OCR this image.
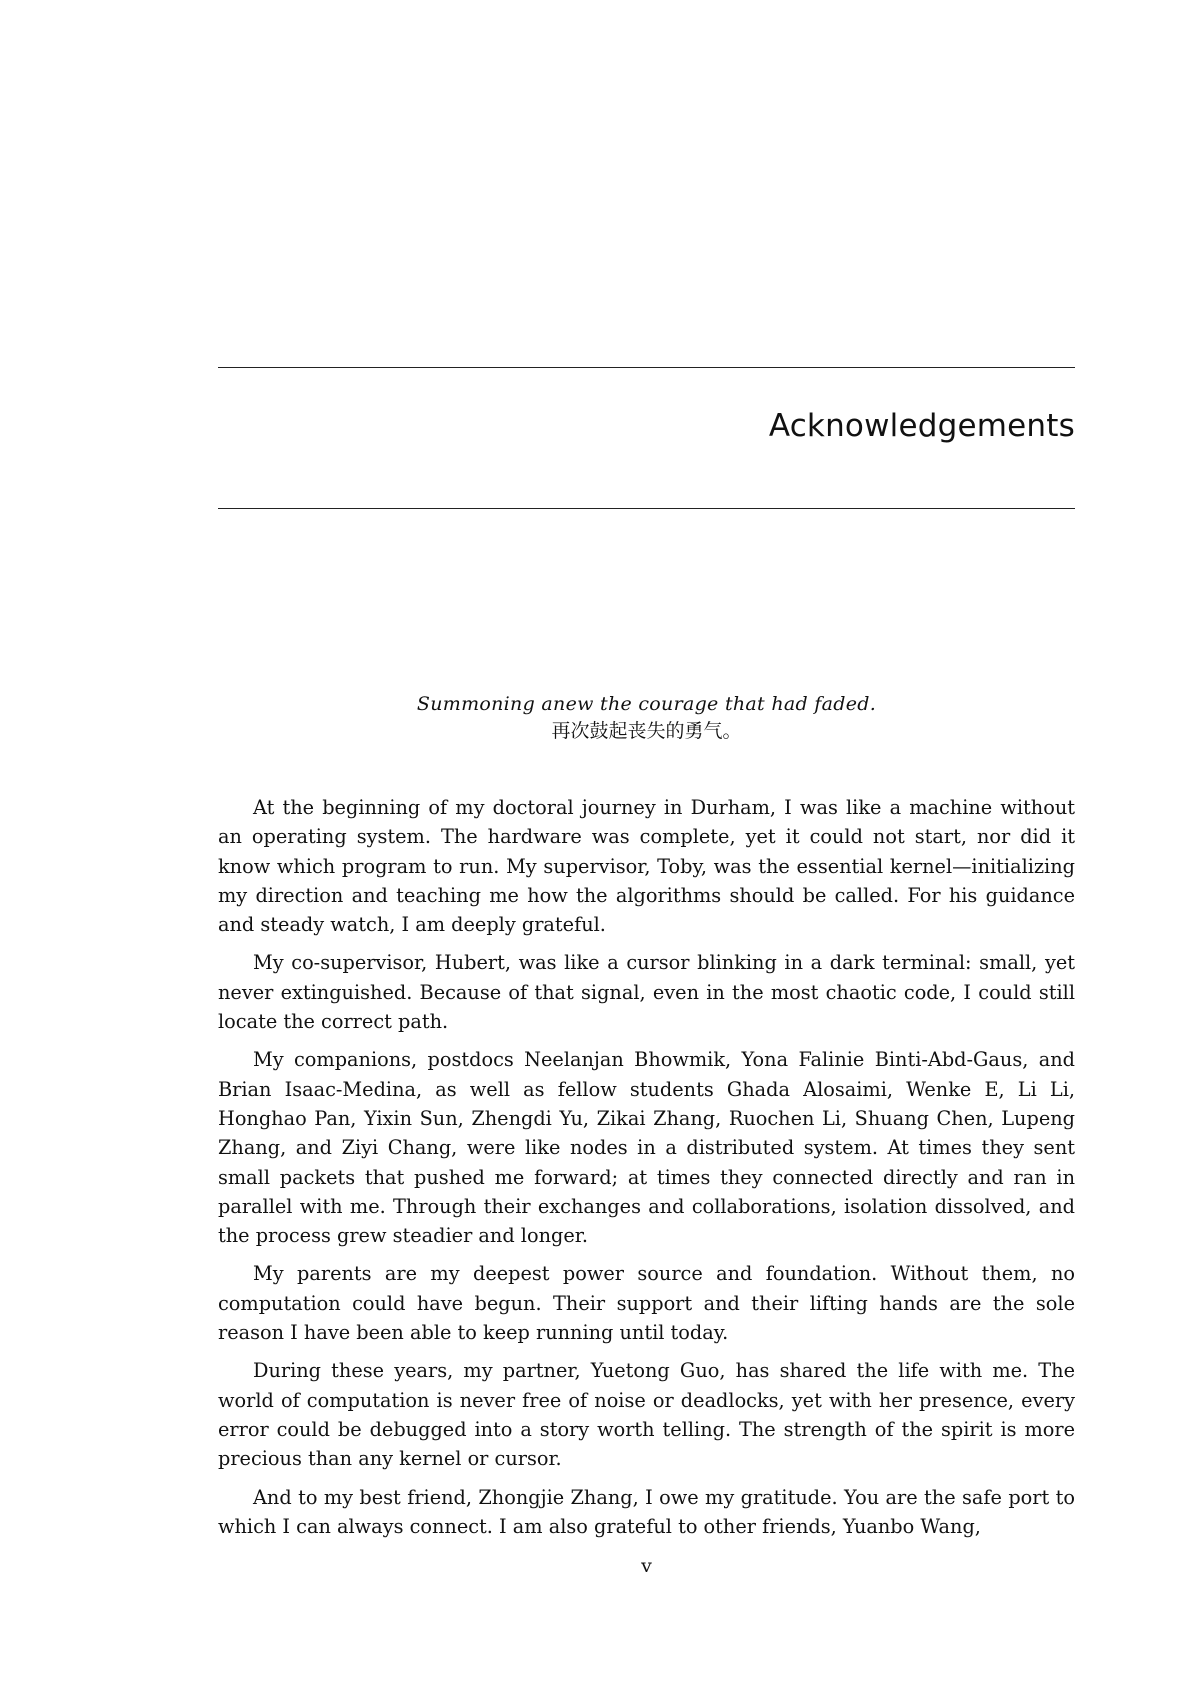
Acknowledgements
Summoning anew the courage that had faded.
再次鼓起丧失的勇气。

At the beginning of my doctoral journey in Durham, I was like a machine without an operating system. The hardware was complete, yet it could not start, nor did it know which program to run. My supervisor, Toby, was the essential kernel—initializing my direction and teaching me how the algorithms should be called. For his guidance and steady watch, I am deeply grateful.

My co-supervisor, Hubert, was like a cursor blinking in a dark terminal: small, yet never extinguished. Because of that signal, even in the most chaotic code, I could still locate the correct path.

My companions, postdocs Neelanjan Bhowmik, Yona Falinie Binti-Abd-Gaus, and Brian Isaac-Medina, as well as fellow students Ghada Alosaimi, Wenke E, Li Li, Honghao Pan, Yixin Sun, Zhengdi Yu, Zikai Zhang, Ruochen Li, Shuang Chen, Lupeng Zhang, and Ziyi Chang, were like nodes in a distributed system. At times they sent small packets that pushed me forward; at times they connected directly and ran in parallel with me. Through their exchanges and collaborations, isolation dissolved, and the process grew steadier and longer.

My parents are my deepest power source and foundation. Without them, no computation could have begun. Their support and their lifting hands are the sole reason I have been able to keep running until today.

During these years, my partner, Yuetong Guo, has shared the life with me. The world of computation is never free of noise or deadlocks, yet with her presence, every error could be debugged into a story worth telling. The strength of the spirit is more precious than any kernel or cursor.

And to my best friend, Zhongjie Zhang, I owe my gratitude. You are the safe port to which I can always connect. I am also grateful to other friends, Yuanbo Wang,

v
